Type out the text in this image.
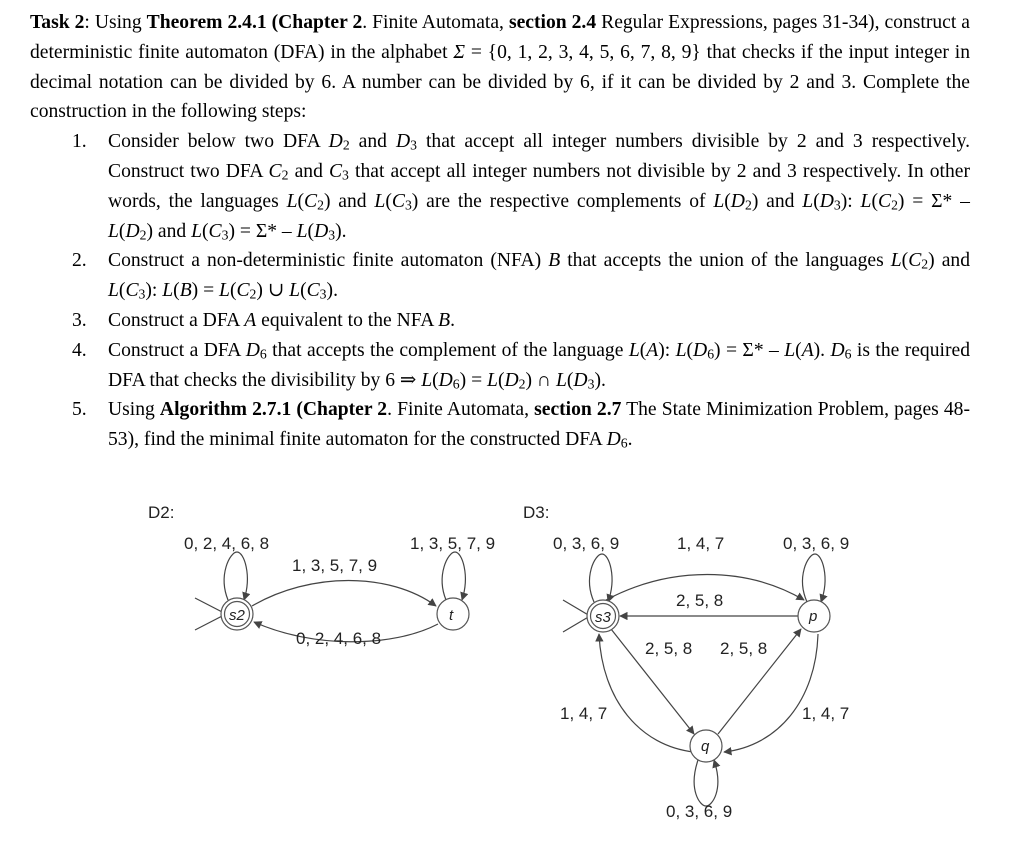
Task 2: Using Theorem 2.4.1 (Chapter 2. Finite Automata, section 2.4 Regular Expressions, pages 31-34), construct a deterministic finite automaton (DFA) in the alphabet Σ = {0, 1, 2, 3, 4, 5, 6, 7, 8, 9} that checks if the input integer in decimal notation can be divided by 6. A number can be divided by 6, if it can be divided by 2 and 3. Complete the construction in the following steps:

1. Consider below two DFA $D_2$ and $D_3$ that accept all integer numbers divisible by 2 and 3 respectively. Construct two DFA $C_2$ and $C_3$ that accept all integer numbers not divisible by 2 and 3 respectively. In other words, the languages $L(C_2)$ and $L(C_3)$ are the respective complements of $L(D_2)$ and $L(D_3)$: $L(C_2) = \Sigma* - L(D_2)$ and $L(C_3) = \Sigma* - L(D_3)$.
2. Construct a non-deterministic finite automaton (NFA) B that accepts the union of the languages $L(C_2)$ and $L(C_3)$: $L(B) = L(C_2)$ ∪ $L(C_3)$.
3. Construct a DFA A equivalent to the NFA B.
4. Construct a DFA $D_6$ that accepts the complement of the language L(A): $L(D_6) = \Sigma* - L(A)$. $D_6$ is the required DFA that checks the divisibility by 6 ⇒ $L(D_6) = L(D_2)$ ∩ $L(D_3)$.
5. Using Algorithm 2.7.1 (Chapter 2. Finite Automata, section 2.7 The State Minimization Problem, pages 48-53), find the minimal finite automaton for the constructed DFA $D_6$.
D2:
s2	t
0, 2, 4, 6, 8	1, 3, 5, 7, 9
1, 3, 5, 7, 9
0, 2, 4, 6, 8
D3:
s3	p
q
0, 3, 6, 9	1, 4, 7	0, 3, 6, 9
2, 5, 8
2, 5, 8 2, 5, 8
1, 4, 7	1, 4, 7
0, 3, 6, 9
